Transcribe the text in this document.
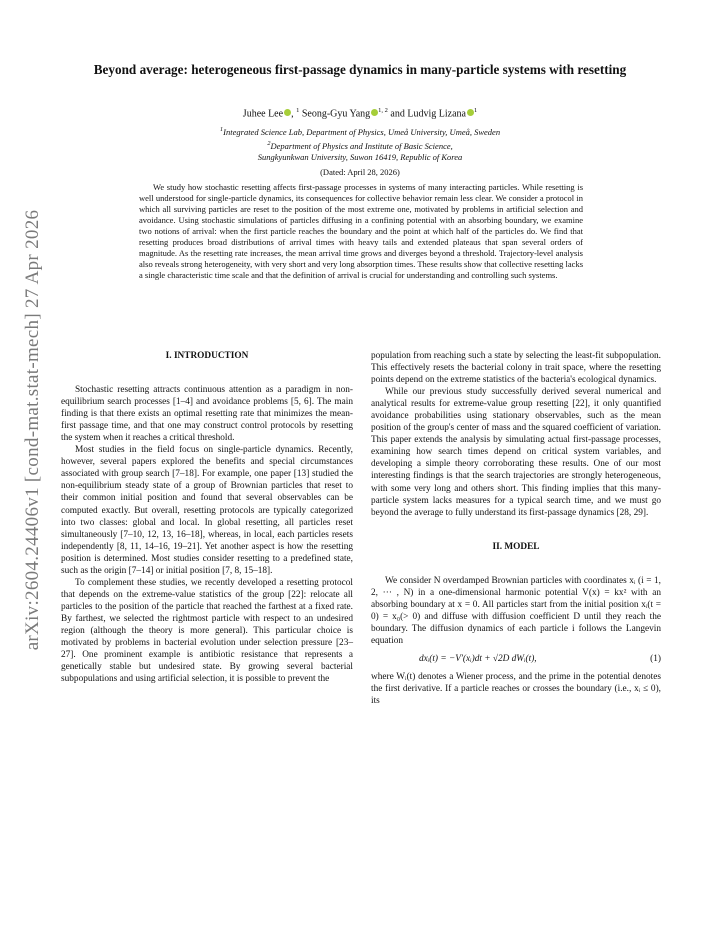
arXiv:2604.24406v1 [cond-mat.stat-mech] 27 Apr 2026
Beyond average: heterogeneous first-passage dynamics in many-particle systems with resetting
Juhee Lee , $^1$ Seong-Gyu Yang $^{1, 2}$ and Ludvig Lizana $^1$
$^1$Integrated Science Lab, Department of Physics, Umeå University, Umeå, Sweden
$^2$Department of Physics and Institute of Basic Science,
Sungkyunkwan University, Suwon 16419, Republic of Korea
(Dated: April 28, 2026)
We study how stochastic resetting affects first-passage processes in systems of many interacting particles. While resetting is well understood for single-particle dynamics, its consequences for collective behavior remain less clear. We consider a protocol in which all surviving particles are reset to the position of the most extreme one, motivated by problems in artificial selection and avoidance. Using stochastic simulations of particles diffusing in a confining potential with an absorbing boundary, we examine two notions of arrival: when the first particle reaches the boundary and the point at which half of the particles do. We find that resetting produces broad distributions of arrival times with heavy tails and extended plateaus that span several orders of magnitude. As the resetting rate increases, the mean arrival time grows and diverges beyond a threshold. Trajectory-level analysis also reveals strong heterogeneity, with very short and very long absorption times. These results show that collective resetting lacks a single characteristic time scale and that the definition of arrival is crucial for understanding and controlling such systems.
I. INTRODUCTION

Stochastic resetting attracts continuous attention as a paradigm in non-equilibrium search processes [1–4] and avoidance problems [5, 6]. The main finding is that there exists an optimal resetting rate that minimizes the mean-first passage time, and that one may construct control protocols by resetting the system when it reaches a critical threshold.

Most studies in the field focus on single-particle dynamics. Recently, however, several papers explored the benefits and special circumstances associated with group search [7–18]. For example, one paper [13] studied the non-equilibrium steady state of a group of Brownian particles that reset to their common initial position and found that several observables can be computed exactly. But overall, resetting protocols are typically categorized into two classes: global and local. In global resetting, all particles reset simultaneously [7–10, 12, 13, 16–18], whereas, in local, each particles resets independently [8, 11, 14–16, 19–21]. Yet another aspect is how the resetting position is determined. Most studies consider resetting to a predefined state, such as the origin [7–14] or initial position [7, 8, 15–18].

To complement these studies, we recently developed a resetting protocol that depends on the extreme-value statistics of the group [22]: relocate all particles to the position of the particle that reached the farthest at a fixed rate. By farthest, we selected the rightmost particle with respect to an undesired region (although the theory is more general). This particular choice is motivated by problems in bacterial evolution under selection pressure [23–27]. One prominent example is antibiotic resistance that represents a genetically stable but undesired state. By growing several bacterial subpopulations and using artificial selection, it is possible to prevent the

population from reaching such a state by selecting the least-fit subpopulation. This effectively resets the bacterial colony in trait space, where the resetting points depend on the extreme statistics of the bacteria's ecological dynamics.

While our previous study successfully derived several numerical and analytical results for extreme-value group resetting [22], it only quantified avoidance probabilities using stationary observables, such as the mean position of the group's center of mass and the squared coefficient of variation. This paper extends the analysis by simulating actual first-passage processes, examining how search times depend on critical system variables, and developing a simple theory corroborating these results. One of our most interesting findings is that the search trajectories are strongly heterogeneous, with some very long and others short. This finding implies that this many-particle system lacks measures for a typical search time, and we must go beyond the average to fully understand its first-passage dynamics [28, 29].

II. MODEL

We consider N overdamped Brownian particles with coordinates xᵢ (i = 1, 2, ··· , N) in a one-dimensional harmonic potential V(x) = kx² with an absorbing boundary at x = 0. All particles start from the initial position xᵢ(t = 0) = x₀(> 0) and diffuse with diffusion coefficient D until they reach the boundary. The diffusion dynamics of each particle i follows the Langevin equation

dxᵢ(t) = −V′(xᵢ)dt + √2D dWᵢ(t),	(1)

where Wᵢ(t) denotes a Wiener process, and the prime in the potential denotes the first derivative. If a particle reaches or crosses the boundary (i.e., xᵢ ≤ 0), its
